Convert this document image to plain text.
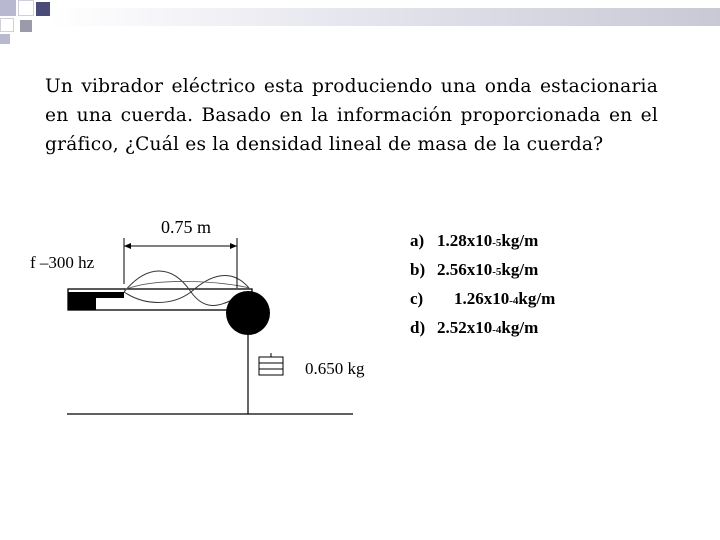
Un vibrador eléctrico esta produciendo una onda estacionaria en una cuerda. Basado en la información proporcionada en el gráfico, ¿Cuál es la densidad lineal de masa de la cuerda?
0.75 m
f –300 hz
0.650 kg
a) 1.28x10 -5 kg/m
b) 2.56x10 -5 kg/m
c)	1.26x10 -4 kg/m
d) 2.52x10 -4 kg/m
